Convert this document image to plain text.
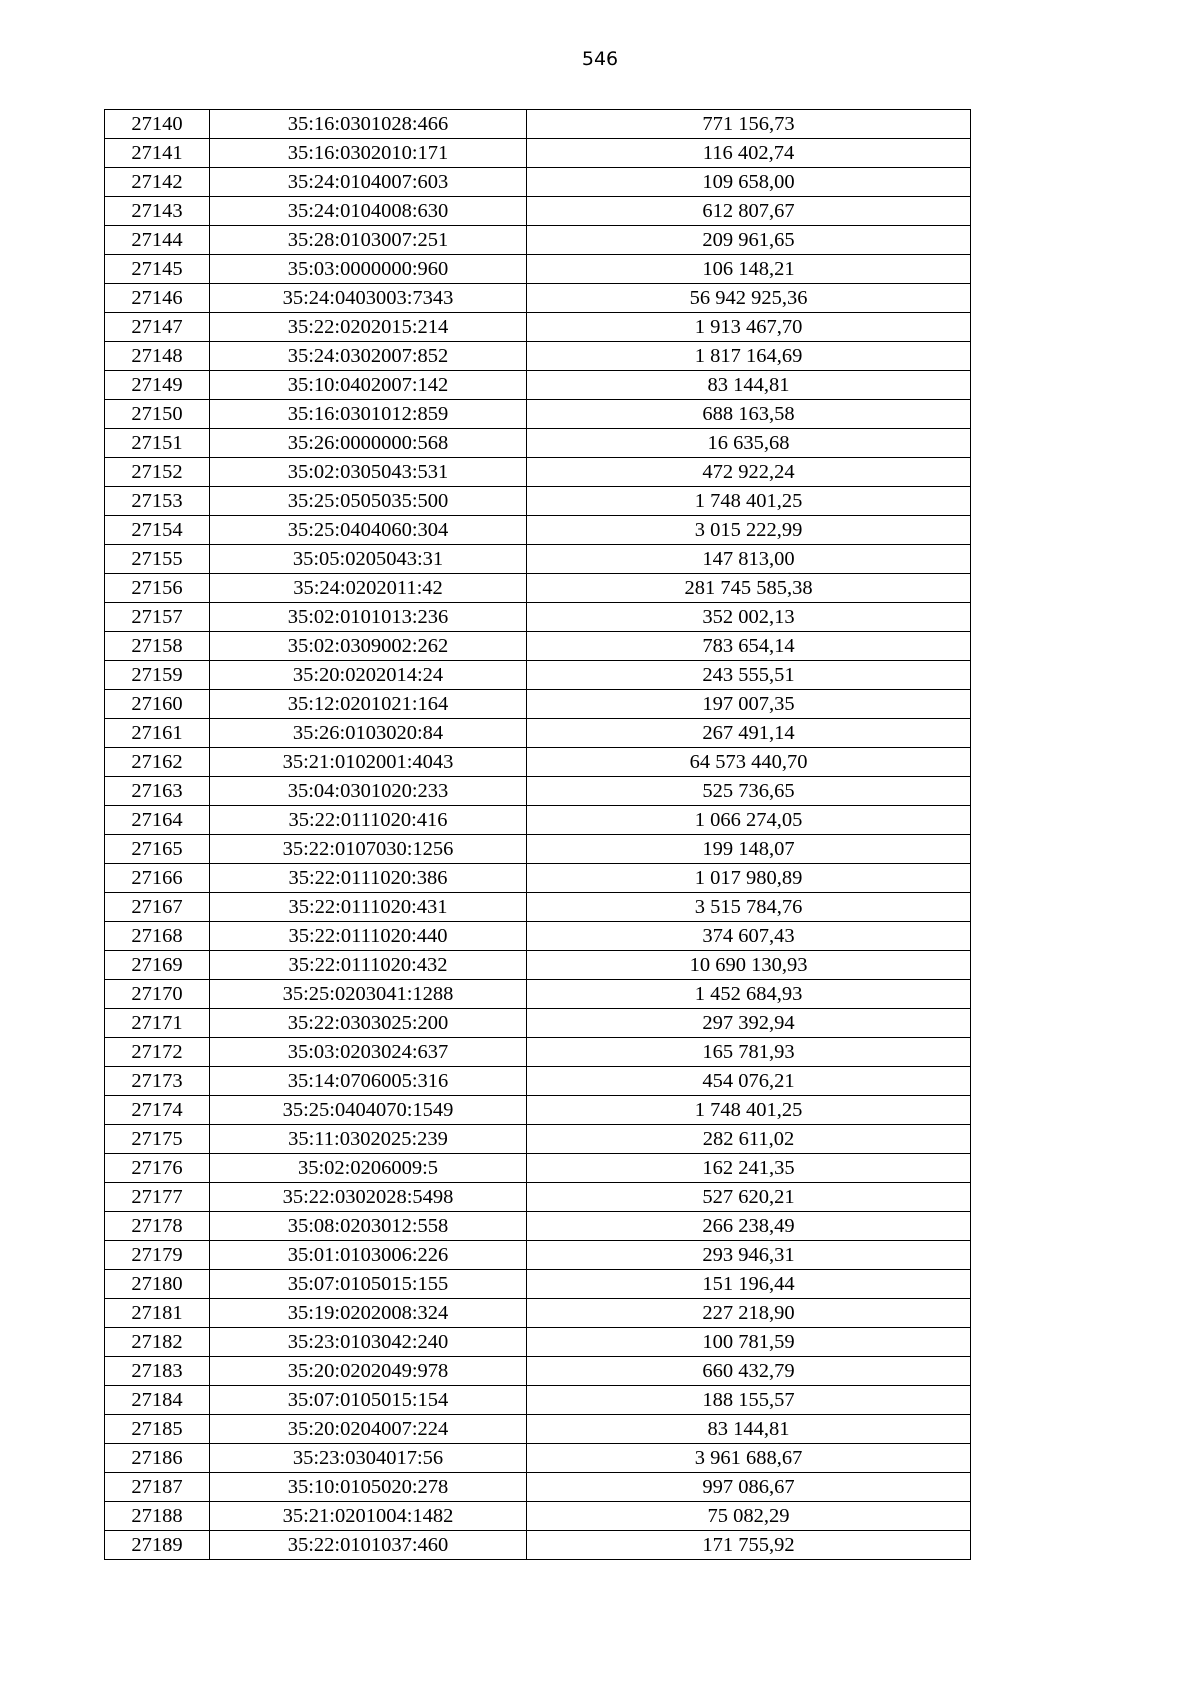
546
27140	35:16:0301028:466	771 156,73
27141	35:16:0302010:171	116 402,74
27142	35:24:0104007:603	109 658,00
27143	35:24:0104008:630	612 807,67
27144	35:28:0103007:251	209 961,65
27145	35:03:0000000:960	106 148,21
27146	35:24:0403003:7343	56 942 925,36
27147	35:22:0202015:214	1 913 467,70
27148	35:24:0302007:852	1 817 164,69
27149	35:10:0402007:142	83 144,81
27150	35:16:0301012:859	688 163,58
27151	35:26:0000000:568	16 635,68
27152	35:02:0305043:531	472 922,24
27153	35:25:0505035:500	1 748 401,25
27154	35:25:0404060:304	3 015 222,99
27155	35:05:0205043:31	147 813,00
27156	35:24:0202011:42	281 745 585,38
27157	35:02:0101013:236	352 002,13
27158	35:02:0309002:262	783 654,14
27159	35:20:0202014:24	243 555,51
27160	35:12:0201021:164	197 007,35
27161	35:26:0103020:84	267 491,14
27162	35:21:0102001:4043	64 573 440,70
27163	35:04:0301020:233	525 736,65
27164	35:22:0111020:416	1 066 274,05
27165	35:22:0107030:1256	199 148,07
27166	35:22:0111020:386	1 017 980,89
27167	35:22:0111020:431	3 515 784,76
27168	35:22:0111020:440	374 607,43
27169	35:22:0111020:432	10 690 130,93
27170	35:25:0203041:1288	1 452 684,93
27171	35:22:0303025:200	297 392,94
27172	35:03:0203024:637	165 781,93
27173	35:14:0706005:316	454 076,21
27174	35:25:0404070:1549	1 748 401,25
27175	35:11:0302025:239	282 611,02
27176	35:02:0206009:5	162 241,35
27177	35:22:0302028:5498	527 620,21
27178	35:08:0203012:558	266 238,49
27179	35:01:0103006:226	293 946,31
27180	35:07:0105015:155	151 196,44
27181	35:19:0202008:324	227 218,90
27182	35:23:0103042:240	100 781,59
27183	35:20:0202049:978	660 432,79
27184	35:07:0105015:154	188 155,57
27185	35:20:0204007:224	83 144,81
27186	35:23:0304017:56	3 961 688,67
27187	35:10:0105020:278	997 086,67
27188	35:21:0201004:1482	75 082,29
27189	35:22:0101037:460	171 755,92
